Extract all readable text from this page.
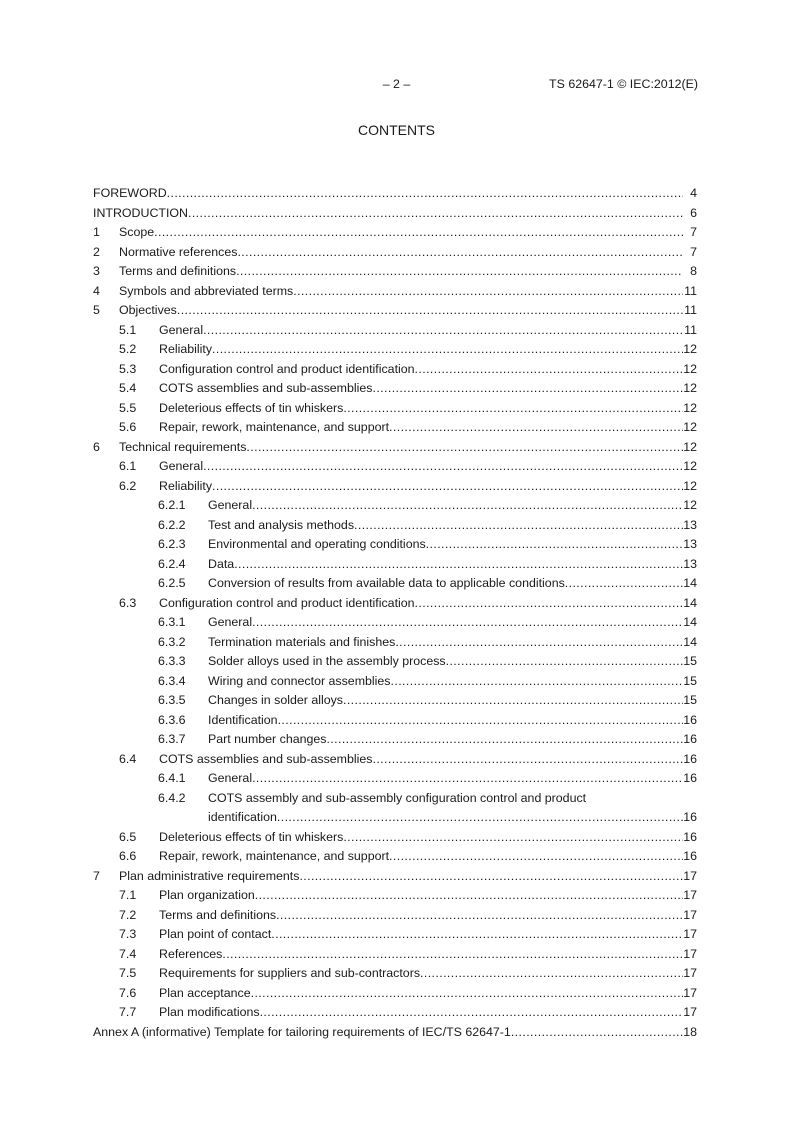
– 2 –	TS 62647-1 © IEC:2012(E)
CONTENTS
FOREWORD .....	4
INTRODUCTION .....	6
1 Scope .....	7
2 Normative references .....	7
3 Terms and definitions .....	8
4 Symbols and abbreviated terms .....	11
5 Objectives .....	11
5.1 General .....	11
5.2 Reliability .....	12
5.3 Configuration control and product identification .....	12
5.4 COTS assemblies and sub-assemblies .....	12
5.5 Deleterious effects of tin whiskers .....	12
5.6 Repair, rework, maintenance, and support .....	12
6 Technical requirements .....	12
6.1 General .....	12
6.2 Reliability .....	12
6.2.1 General .....	12
6.2.2 Test and analysis methods .....	13
6.2.3 Environmental and operating conditions .....	13
6.2.4 Data .....	13
6.2.5 Conversion of results from available data to applicable conditions .....	14
6.3 Configuration control and product identification .....	14
6.3.1 General .....	14
6.3.2 Termination materials and finishes .....	14
6.3.3 Solder alloys used in the assembly process .....	15
6.3.4 Wiring and connector assemblies .....	15
6.3.5 Changes in solder alloys .....	15
6.3.6 Identification .....	16
6.3.7 Part number changes .....	16
6.4 COTS assemblies and sub-assemblies .....	16
6.4.1 General .....	16
6.4.2 COTS assembly and sub-assembly configuration control and product
identification .....	16
6.5 Deleterious effects of tin whiskers .....	16
6.6 Repair, rework, maintenance, and support .....	16
7 Plan administrative requirements .....	17
7.1 Plan organization .....	17
7.2 Terms and definitions .....	17
7.3 Plan point of contact .....	17
7.4 References .....	17
7.5 Requirements for suppliers and sub-contractors .....	17
7.6 Plan acceptance .....	17
7.7 Plan modifications .....	17
Annex A (informative) Template for tailoring requirements of IEC/TS 62647-1 .....	18
